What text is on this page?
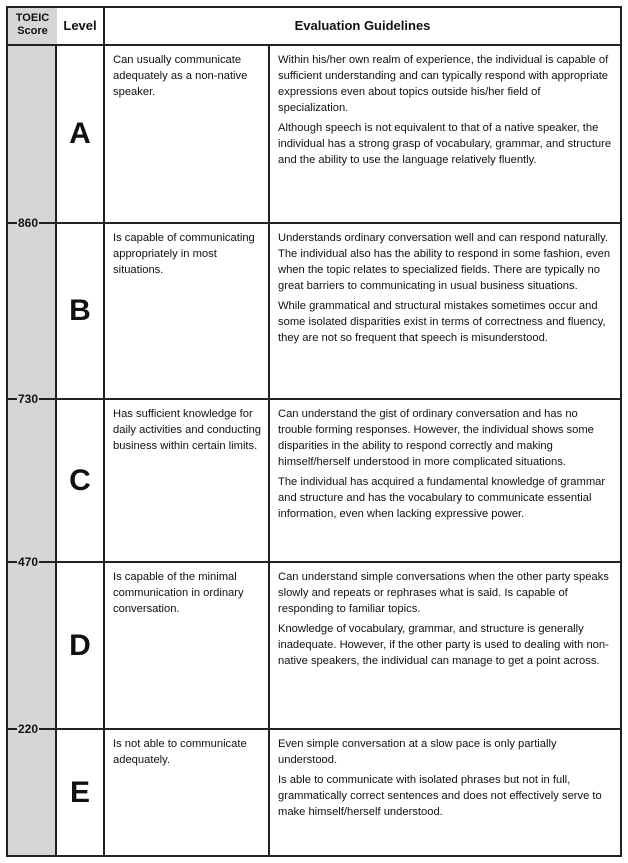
TOEIC
Score	Level	Evaluation Guidelines
A
Can usually communicate adequately as a non-native speaker.

Within his/her own realm of experience, the individual is capable of sufficient understanding and can typically respond with appropriate expressions even about topics outside his/her field of specialization.

Although speech is not equivalent to that of a native speaker, the individual has a strong grasp of vocabulary, grammar, and structure and the ability to use the language relatively fluently.

B
Is capable of communicating appropriately in most situations.

Understands ordinary conversation well and can respond naturally. The individual also has the ability to respond in some fashion, even when the topic relates to specialized fields. There are typically no great barriers to communicating in usual business situations.

While grammatical and structural mistakes sometimes occur and some isolated disparities exist in terms of correctness and fluency, they are not so frequent that speech is misunderstood.

C
Has sufficient knowledge for daily activities and conducting business within certain limits.

Can understand the gist of ordinary conversation and has no trouble forming responses. However, the individual shows some disparities in the ability to respond correctly and making himself/herself understood in more complicated situations.

The individual has acquired a fundamental knowledge of grammar and structure and has the vocabulary to communicate essential information, even when lacking expressive power.

D
Is capable of the minimal communication in ordinary conversation.

Can understand simple conversations when the other party speaks slowly and repeats or rephrases what is said. Is capable of responding to familiar topics.

Knowledge of vocabulary, grammar, and structure is generally inadequate. However, if the other party is used to dealing with non-native speakers, the individual can manage to get a point across.

E
Is not able to communicate adequately.

Even simple conversation at a slow pace is only partially understood.

Is able to communicate with isolated phrases but not in full, grammatically correct sentences and does not effectively serve to make himself/herself understood.

860
730
470
220
